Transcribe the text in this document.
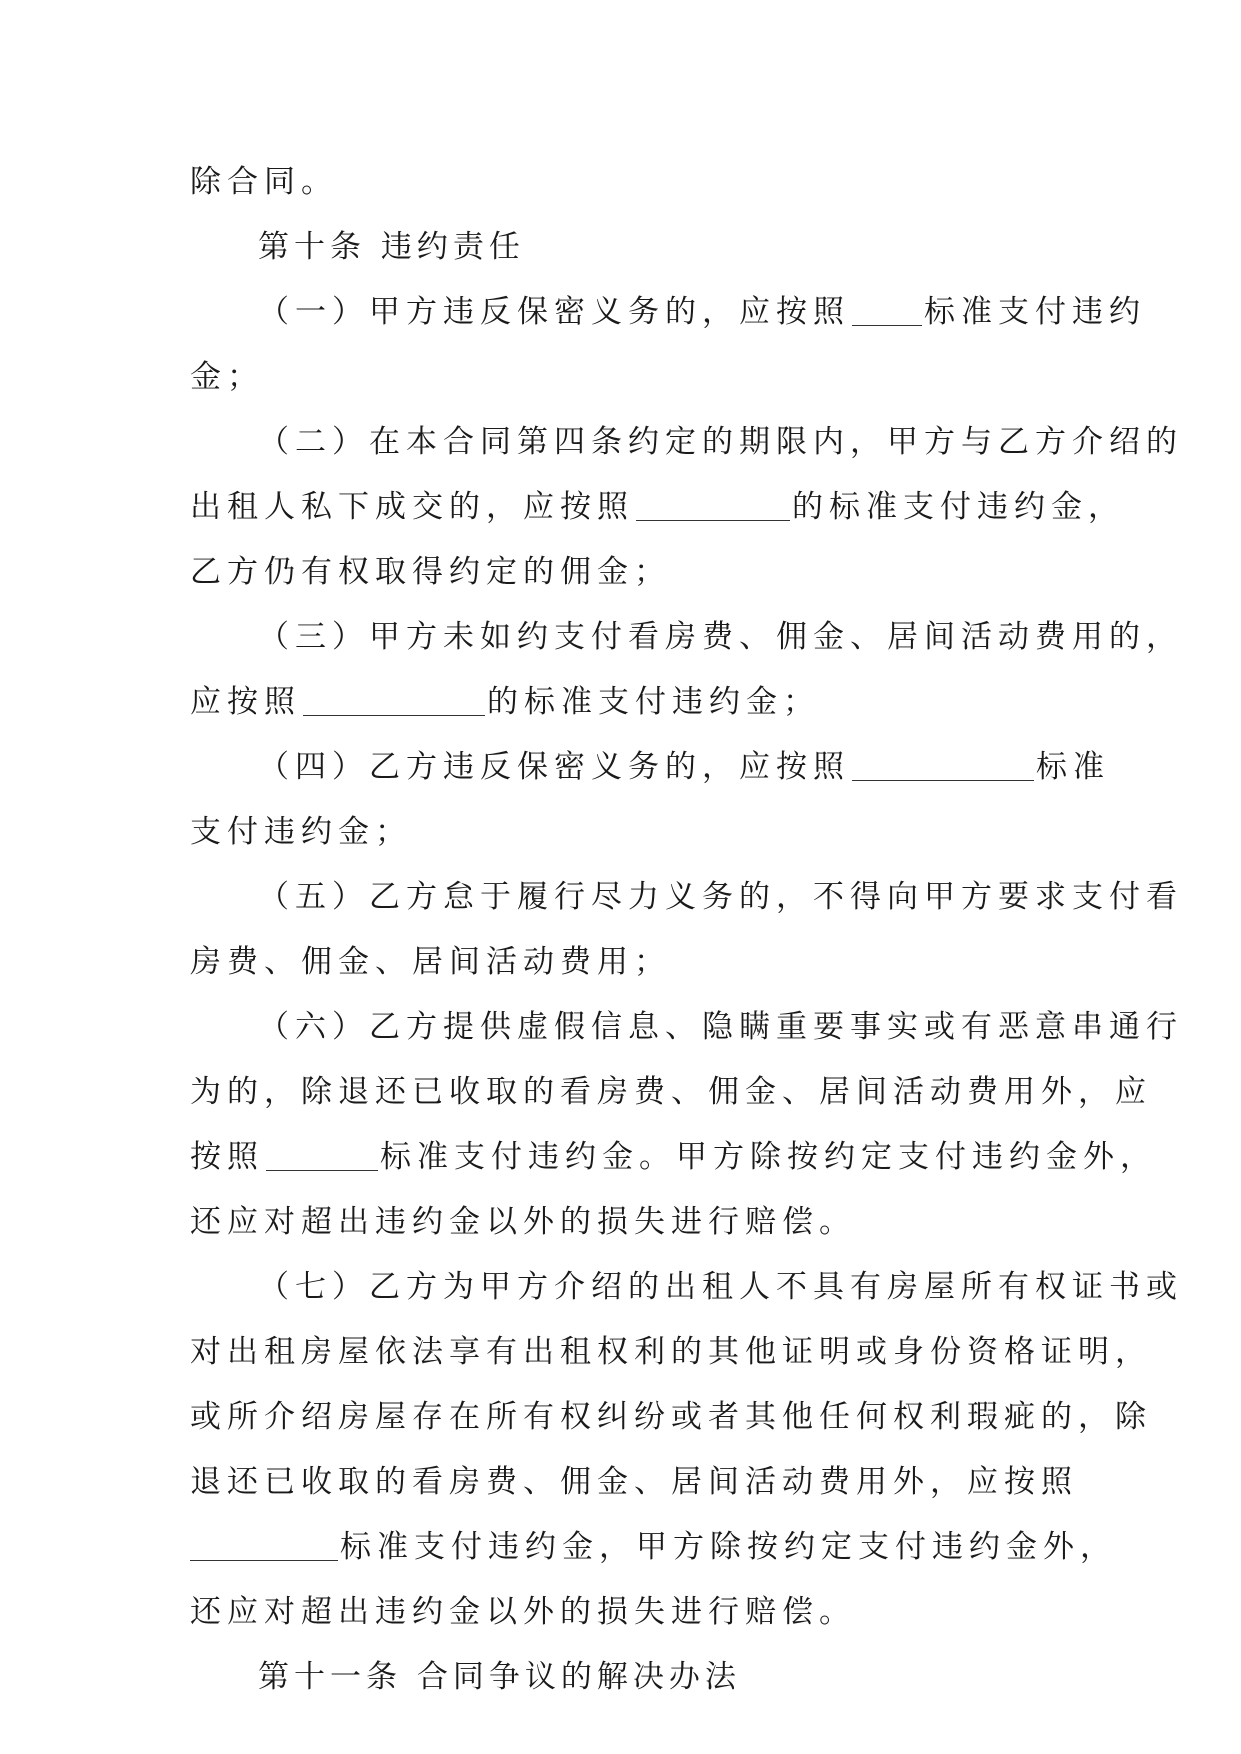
除合同。
第十条 违约责任
（一）甲方违反保密义务的，应按照 标准支付违约
金；
（二）在本合同第四条约定的期限内，甲方与乙方介绍的
出租人私下成交的，应按照	的标准支付违约金，
乙方仍有权取得约定的佣金；
（三）甲方未如约支付看房费、佣金、居间活动费用的，
应按照	的标准支付违约金；
（四）乙方违反保密义务的，应按照	标准
支付违约金；
（五）乙方怠于履行尽力义务的，不得向甲方要求支付看
房费、佣金、居间活动费用；
（六）乙方提供虚假信息、隐瞒重要事实或有恶意串通行
为的，除退还已收取的看房费、佣金、居间活动费用外，应
按照	标准支付违约金。甲方除按约定支付违约金外，
还应对超出违约金以外的损失进行赔偿。
（七）乙方为甲方介绍的出租人不具有房屋所有权证书或
对出租房屋依法享有出租权利的其他证明或身份资格证明，
或所介绍房屋存在所有权纠纷或者其他任何权利瑕疵的，除
退还已收取的看房费、佣金、居间活动费用外，应按照
标准支付违约金，甲方除按约定支付违约金外，
还应对超出违约金以外的损失进行赔偿。
第十一条 合同争议的解决办法
